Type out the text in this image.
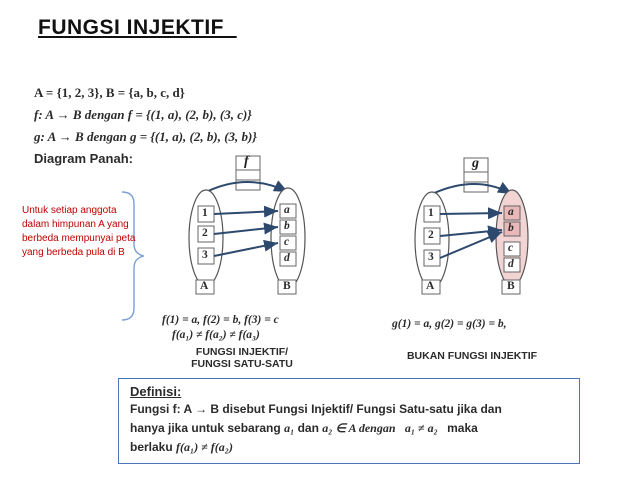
FUNGSI INJEKTIF
A = {1, 2, 3}, B = {a, b, c, d}
f: A → B dengan f = {(1, a), (2, b), (3, c)}
g: A → B dengan g = {(1, a), (2, b), (3, b)}
Diagram Panah:
Untuk setiap anggota dalam himpunan A yang berbeda mempunyai peta yang berbeda pula di B
f
1
2
3
a
b
c
d
A	B
f(1) = a, f(2) = b, f(3) = c
f(a₁) ≠ f(a₂) ≠ f(a₃)
FUNGSI INJEKTIF/
FUNGSI SATU-SATU
g
1
2
3
a
b
c
d
A	B
g(1) = a, g(2) = g(3) = b,
BUKAN FUNGSI INJEKTIF
Definisi:
Fungsi f: A → B disebut Fungsi Injektif/ Fungsi Satu-satu jika dan
hanya jika untuk sebarang a₁ dan a₂ ∈ A dengan a₁ ≠ a₂ maka
berlaku f(a₁) ≠ f(a₂)
